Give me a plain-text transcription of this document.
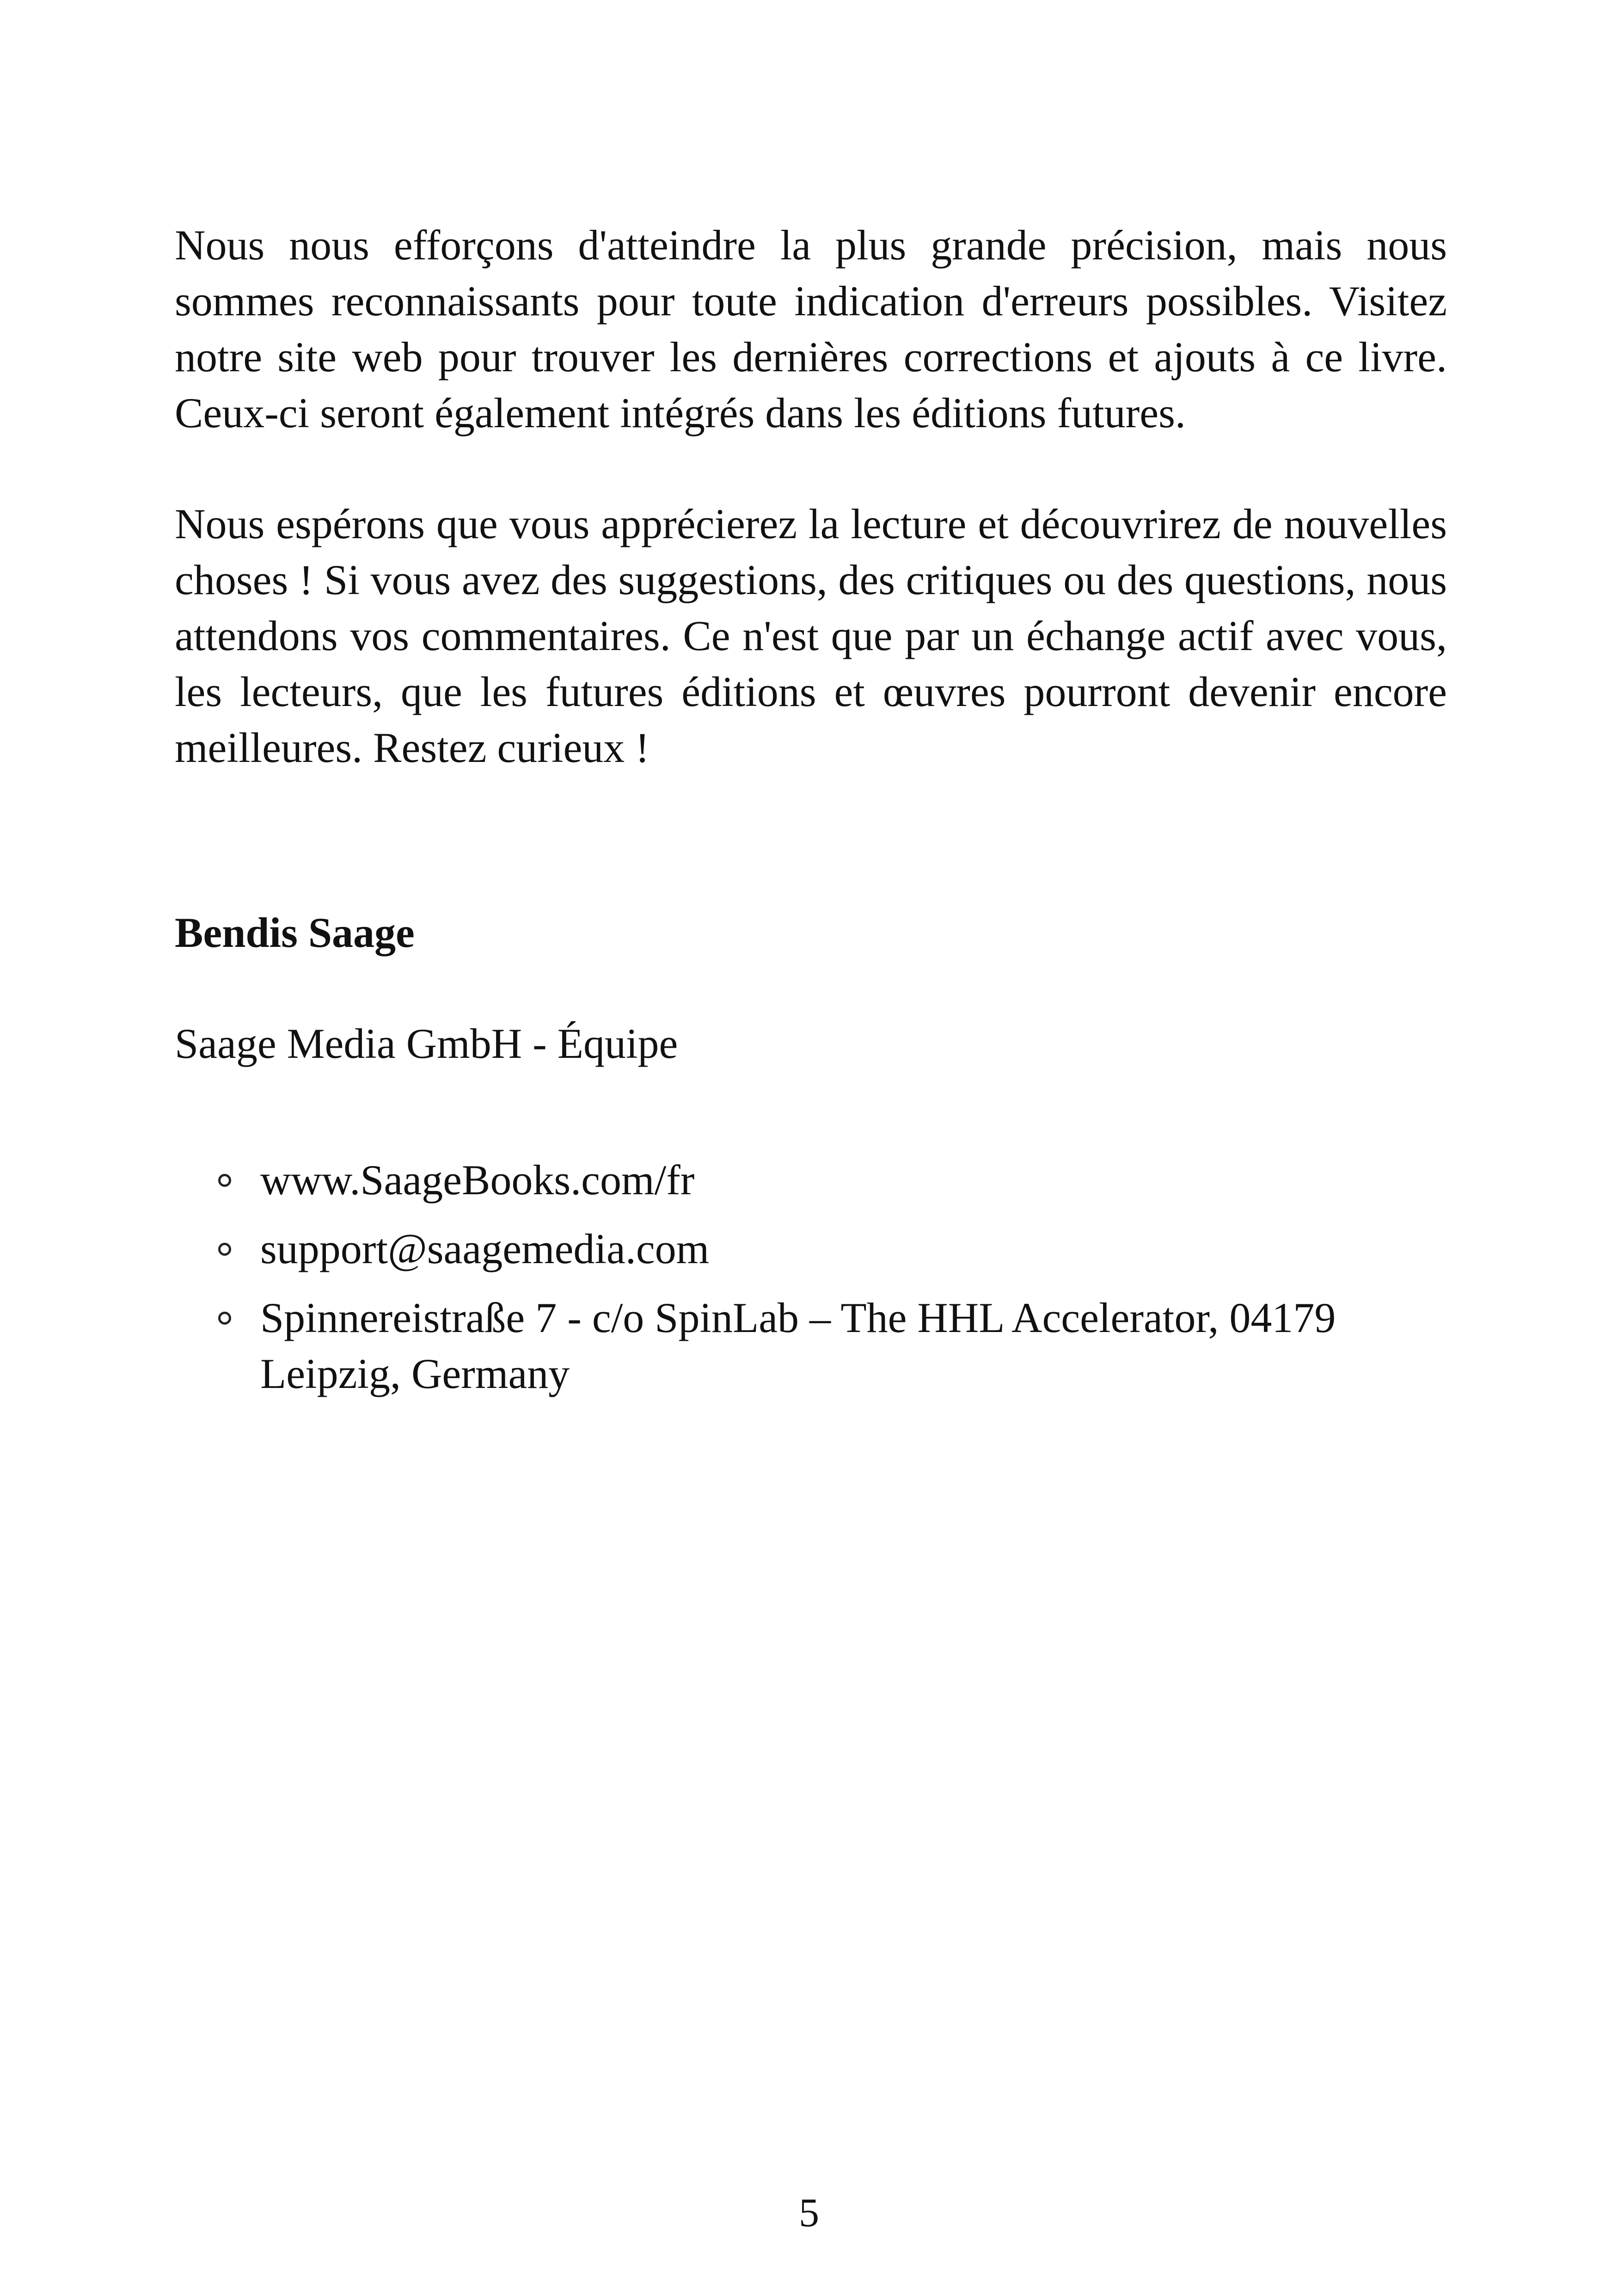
Nous nous efforçons d'atteindre la plus grande précision, mais nous sommes reconnaissants pour toute indication d'erreurs possibles. Visitez notre site web pour trouver les dernières corrections et ajouts à ce livre. Ceux-ci seront également intégrés dans les éditions futures.

Nous espérons que vous apprécierez la lecture et découvrirez de nouvelles choses ! Si vous avez des suggestions, des critiques ou des questions, nous attendons vos commentaires. Ce n'est que par un échange actif avec vous, les lecteurs, que les futures éditions et œuvres pourront devenir encore meilleures. Restez curieux !

Bendis Saage

Saage Media GmbH - Équipe

www.SaageBooks.com/fr
support@saagemedia.com
Spinnereistraße 7 - c/o SpinLab – The HHL Accelerator, 04179 Leipzig, Germany
5
